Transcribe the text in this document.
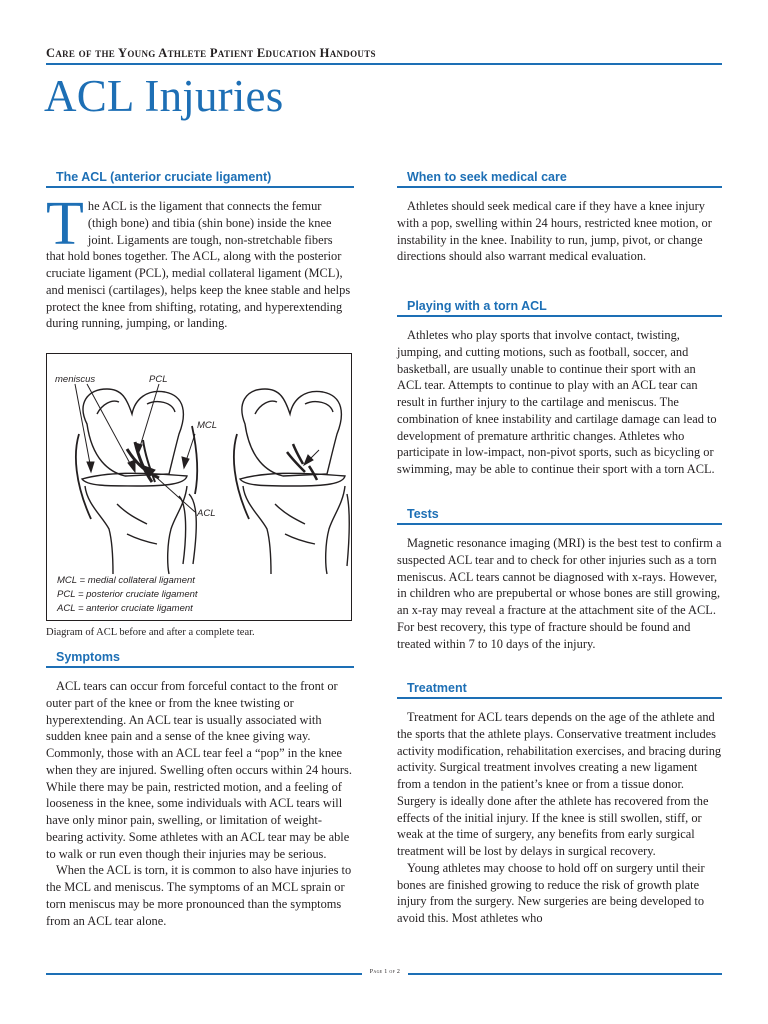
Care of the Young Athlete Patient Education Handouts
ACL Injuries
The ACL (anterior cruciate ligament)
T he ACL is the ligament that connects the femur (thigh bone) and tibia (shin bone) inside the knee joint. Ligaments are tough, non-stretchable fibers that hold bones together. The ACL, along with the posterior cruciate ligament (PCL), medial collateral ligament (MCL), and menisci (cartilages), helps keep the knee stable and helps protect the knee from shifting, rotating, and hyperextending during running, jumping, or landing.

meniscus	PCL
MCL
ACL
MCL = medial collateral ligament
PCL = posterior cruciate ligament
ACL = anterior cruciate ligament
Diagram of ACL before and after a complete tear.
Symptoms

ACL tears can occur from forceful contact to the front or outer part of the knee or from the knee twisting or hyperextending. An ACL tear is usually associated with sudden knee pain and a sense of the knee giving way. Commonly, those with an ACL tear feel a “pop” in the knee when they are injured. Swelling often occurs within 24 hours. While there may be pain, restricted motion, and a feeling of looseness in the knee, some individuals with ACL tears will have only minor pain, swelling, or limitation of weight-bearing activity. Some athletes with an ACL tear may be able to walk or run even though their injuries may be serious.

When the ACL is torn, it is common to also have injuries to the MCL and meniscus. The symptoms of an MCL sprain or torn meniscus may be more pronounced than the symptoms from an ACL tear alone.

When to seek medical care

Athletes should seek medical care if they have a knee injury with a pop, swelling within 24 hours, restricted knee motion, or instability in the knee. Inability to run, jump, pivot, or change directions should also warrant medical evaluation.

Playing with a torn ACL

Athletes who play sports that involve contact, twisting, jumping, and cutting motions, such as football, soccer, and basketball, are usually unable to continue their sport with an ACL tear. Attempts to continue to play with an ACL tear can result in further injury to the cartilage and meniscus. The combination of knee instability and cartilage damage can lead to development of premature arthritic changes. Athletes who participate in low-impact, non-pivot sports, such as bicycling or swimming, may be able to continue their sport with a torn ACL.

Tests

Magnetic resonance imaging (MRI) is the best test to confirm a suspected ACL tear and to check for other injuries such as a torn meniscus. ACL tears cannot be diagnosed with x-rays. However, in children who are prepubertal or whose bones are still growing, an x-ray may reveal a fracture at the attachment site of the ACL. For best recovery, this type of fracture should be found and treated within 7 to 10 days of the injury.

Treatment

Treatment for ACL tears depends on the age of the athlete and the sports that the athlete plays. Conservative treatment includes activity modification, rehabilitation exercises, and bracing during activity. Surgical treatment involves creating a new ligament from a tendon in the patient’s knee or from a tissue donor. Surgery is ideally done after the athlete has recovered from the effects of the initial injury. If the knee is still swollen, stiff, or weak at the time of surgery, any benefits from early surgical treatment will be lost by delays in surgical recovery.

Young athletes may choose to hold off on surgery until their bones are finished growing to reduce the risk of growth plate injury from the surgery. New surgeries are being developed to avoid this. Most athletes who

Page 1 of 2
